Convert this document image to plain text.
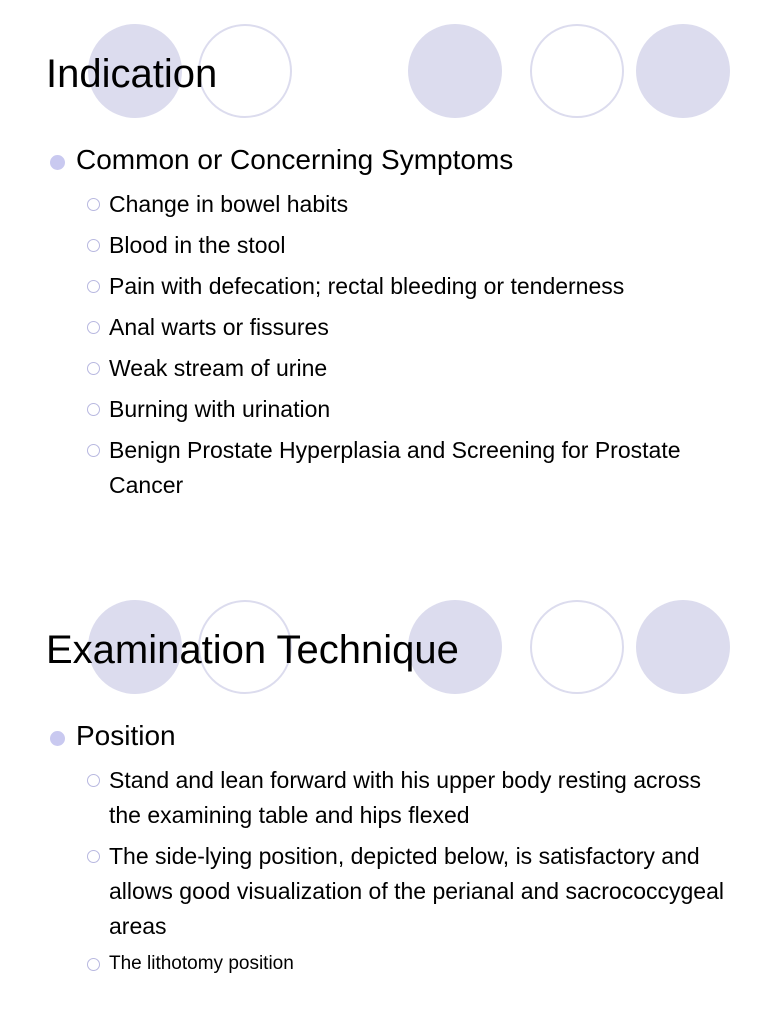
Indication
Common or Concerning Symptoms
Change in bowel habits
Blood in the stool
Pain with defecation; rectal bleeding or tenderness
Anal warts or fissures
Weak stream of urine
Burning with urination
Benign Prostate Hyperplasia and Screening for Prostate Cancer
Examination Technique
Position
Stand and lean forward with his upper body resting across the examining table and hips flexed
The side-lying position, depicted below, is satisfactory and allows good visualization of the perianal and sacrococcygeal areas
The lithotomy position
